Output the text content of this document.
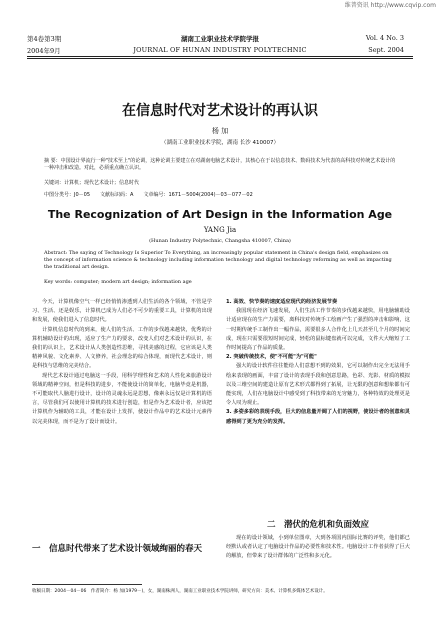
维普资讯 http://www.cqvip.com
第4卷第3期
2004年9月
湖南工业职业技术学院学报
JOURNAL OF HUNAN INDUSTRY POLYTECHNIC
Vol. 4 No. 3
Sept. 2004
在信息时代对艺术设计的再认识
杨 加
（湖南工业职业技术学院，湖南 长沙 410007）
摘 要：中国设计界流行一种"技术至上"的论调，这种论调主要建立在对湖南电脑艺术设计，其核心在于以信息技术、数码技术为代表的高科技对传统艺术设计的一种冲击和改造。对此，必须重点确立认识。
关键词：计算机；现代艺术设计；信息时代
中图分类号：J0－05　　文献标识码：A　　文章编号：1671－5004(2004)－03－077－02
The Recognization of Art Design in the Information Age
YANG Jia
(Hunan Industry Polytechnic, Changsha 410007, China)
Abstract: The saying of Technology Is Superior To Everything, an increasingly popular statement in China's design field, emphasizes on the concept of information science & technology including information technology and digital technology reforming as well as impacting the traditional art design.
Key words: computer; modern art design; information age

今天，计算机像空气一样已经悄悄渗透到人们生活的各个领域，不管是学习、生活、还是娱乐，计算机已成为人们必不可少的重要工具，计算机的出现和发展，使我们进入了信息时代。

计算机信息时代的到来，使人们的生活、工作的步伐越来越快，优秀的计算机辅助设计的出现，适应了生产力的要求，改变人们对艺术设计的认识，在我们的认识上，艺术设计从人类创造性思维，寻找美感的过程，它应该是人类精神风貌、文化素养、人文修养，社会理念的综合体现，而现代艺术设计，则是科技与思维的完美结合。

现代艺术设计通过电脑这一手段，用科学理性和艺术的人性化来旅游设计领域的精神空间，但是科技的进步，不能使设计的简单化，电脑毕竟是机器，不可能取代人脑进行设计，设计的灵魂永远是思想，像素永远仅是计算机的语言，尽管我们可以使用计算机的技术进行创造，但是作为艺术设计者，应该把计算机作为辅助的工具，才能在设计上发挥，使设计作品中的艺术设计元素得以完美体现，而不是为了设计而设计。

一　信息时代带来了艺术设计领域绚丽的春天

1. 高效、快节奏的速度适应现代的经济发展节奏

我国现在经济飞速发展，人们生活工作节奏的步伐越来越快，用电脑辅助设计适应现在的生产力需要，离科技对传统手工绘画产生了强烈的冲击和影响，这一时期传统手工制作出一幅作品，需要很多人合作化上几天甚至几个月的时间完成，现在只需要很短时间完成，轻松的鼠标键盘就可以完成，文件大大缩短了工作时间提高了作品的质量。

2. 突破传统技术，使"不可能"为"可能"

强大的设计软件往往能给人们意想不到的效果，它可以制作出完全无法用手绘来表现的画面，丰富了设计的表现手段和创意思路，色彩、光影、材质的模拟以及三维空间的建造让原有艺术形式都得到了拓展，让无限的创意和想象都有可能实现，人们在电脑设计中感受到了科技带来的无穷魅力，各种特效的处理更是令人叹为观止。

3. 多姿多彩的表现手段，巨大的信息量开阔了人们的视野，使设计者的创意和灵感得到了更为充分的发挥。

二　潜伏的危机和负面效应

现在的设计领域，小到单位图章，大到各项国内国际比赛的评奖，他们都已经默认或者认定了电脑设计作品的必要性和技术性。电脑设计工作者获得了巨大的解放，但带来了设计群体的广泛性和多元化。

收稿日期：2004－04－06　作者简介：杨 加(1979－)，女，湖南株洲人，湖南工业职业技术学院讲师，研究方向：美术、计算机多媒体艺术设计。
